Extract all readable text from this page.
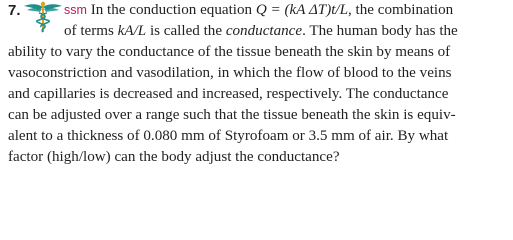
7.	ssm In the conduction equation Q = (kA ΔT)t/L, the combination
of terms kA/L is called the conductance. The human body has the
ability to vary the conductance of the tissue beneath the skin by means of
vasoconstriction and vasodilation, in which the flow of blood to the veins
and capillaries is decreased and increased, respectively. The conductance
can be adjusted over a range such that the tissue beneath the skin is equiv-
alent to a thickness of 0.080 mm of Styrofoam or 3.5 mm of air. By what
factor (high/low) can the body adjust the conductance?
